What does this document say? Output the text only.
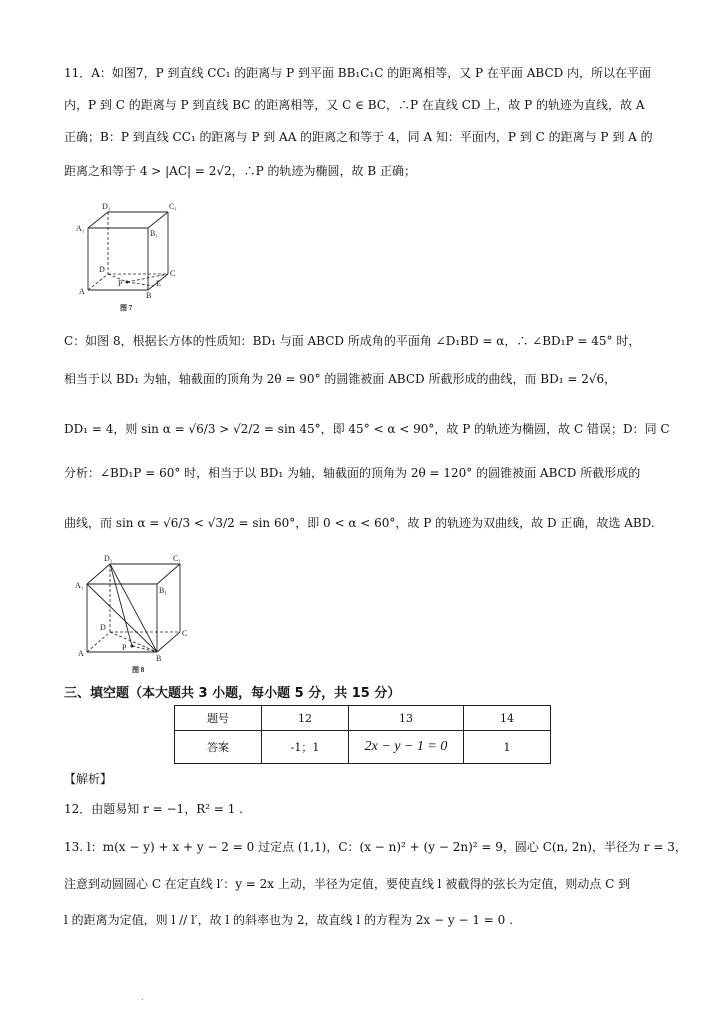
11．A：如图7，P 到直线 CC₁ 的距离与 P 到平面 BB₁C₁C 的距离相等，又 P 在平面 ABCD 内，所以在平面
内，P 到 C 的距离与 P 到直线 BC 的距离相等，又 C ∈ BC，∴P 在直线 CD 上，故 P 的轨迹为直线，故 A
正确；B：P 到直线 CC₁ 的距离与 P 到 AA 的距离之和等于 4，同 A 知：平面内，P 到 C 的距离与 P 到 A 的
距离之和等于 4 > |AC| = 2√2，∴P 的轨迹为椭圆，故 B 正确；
D₁	C₁
A₁
B₁
D	C
P	E
A	B
图 7
C：如图 8，根据长方体的性质知：BD₁ 与面 ABCD 所成角的平面角 ∠D₁BD = α，∴ ∠BD₁P = 45° 时，
相当于以 BD₁ 为轴，轴截面的顶角为 2θ = 90° 的圆锥被面 ABCD 所截形成的曲线，而 BD₁ = 2√6，
DD₁ = 4，则 sin α = √6/3 > √2/2 = sin 45°，即 45° < α < 90°，故 P 的轨迹为椭圆，故 C 错误；D：同 C
分析：∠BD₁P = 60° 时，相当于以 BD₁ 为轴，轴截面的顶角为 2θ = 120° 的圆锥被面 ABCD 所截形成的
曲线，而 sin α = √6/3 < √3/2 = sin 60°，即 0 < α < 60°，故 P 的轨迹为双曲线，故 D 正确，故选 ABD.
D₁	C₁
A₁
B₁
D
C
P
A
B
图 8
三、填空题（本大题共 3 小题，每小题 5 分，共 15 分）
题号	12	13	14
答案	-1；1	2x − y − 1 = 0	1
【解析】
12．由题易知 r = −1，R² = 1 .
13. l：m(x − y) + x + y − 2 = 0 过定点 (1,1)，C：(x − n)² + (y − 2n)² = 9，圆心 C(n, 2n)，半径为 r = 3，
注意到动圆圆心 C 在定直线 l′：y = 2x 上动，半径为定值，要使直线 l 被截得的弦长为定值，则动点 C 到
l 的距离为定值，则 l // l′，故 l 的斜率也为 2，故直线 l 的方程为 2x − y − 1 = 0 .
.
